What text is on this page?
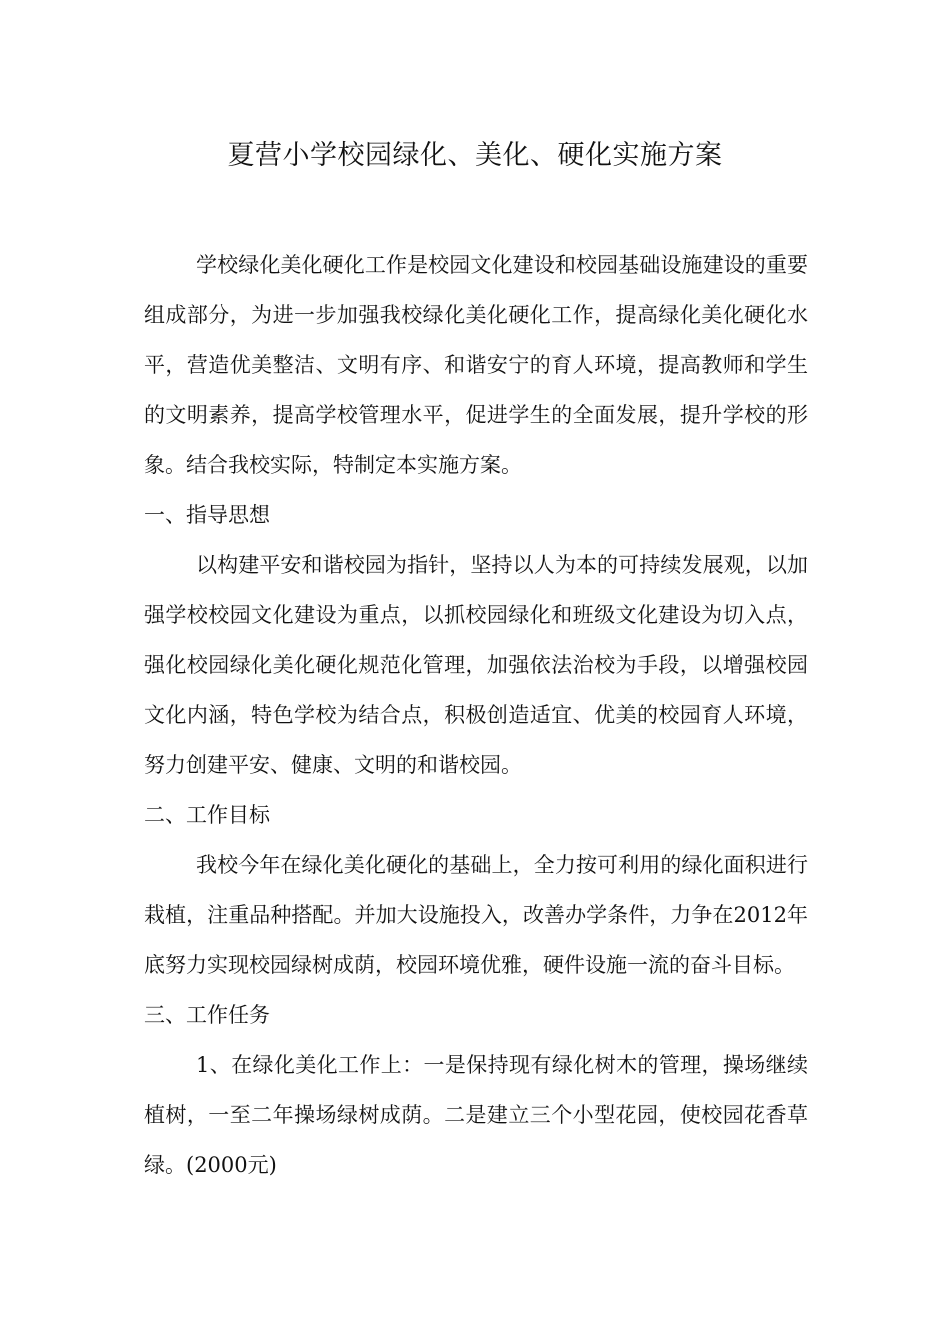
夏营小学校园绿化、美化、硬化实施方案

学校绿化美化硬化工作是校园文化建设和校园基础设施建设的重要组成部分，为进一步加强我校绿化美化硬化工作，提高绿化美化硬化水平，营造优美整洁、文明有序、和谐安宁的育人环境，提高教师和学生的文明素养，提高学校管理水平，促进学生的全面发展，提升学校的形象。结合我校实际，特制定本实施方案。

一、指导思想

以构建平安和谐校园为指针，坚持以人为本的可持续发展观，以加强学校校园文化建设为重点，以抓校园绿化和班级文化建设为切入点，强化校园绿化美化硬化规范化管理，加强依法治校为手段，以增强校园文化内涵，特色学校为结合点，积极创造适宜、优美的校园育人环境，努力创建平安、健康、文明的和谐校园。

二、工作目标

我校今年在绿化美化硬化的基础上，全力按可利用的绿化面积进行栽植，注重品种搭配。并加大设施投入，改善办学条件，力争在2012年底努力实现校园绿树成荫，校园环境优雅，硬件设施一流的奋斗目标。

三、工作任务

1、在绿化美化工作上：一是保持现有绿化树木的管理，操场继续植树，一至二年操场绿树成荫。二是建立三个小型花园，使校园花香草绿。(2000元)
